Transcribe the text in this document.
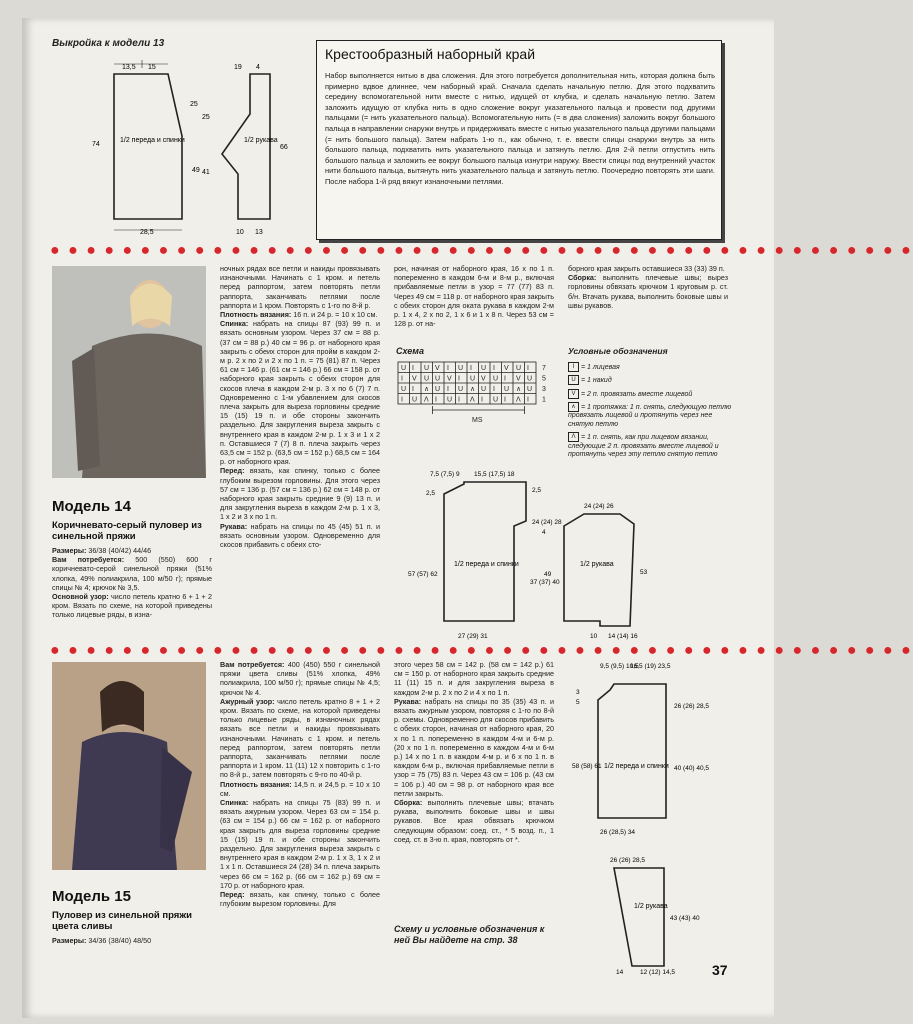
Выкройка к модели 13
13,5 15
25
49
74
28,5
1/2 переда и спинки
19 4
25
41
66
10 13
1/2 рукава
Крестообразный наборный край
Набор выполняется нитью в два сложения. Для этого потребуется дополнительная нить, которая должна быть примерно вдвое длиннее, чем наборный край. Сначала сделать начальную петлю. Для этого подхватить середину вспомогательной нити вместе с нитью, идущей от клубка, и сделать начальную петлю. Затем заложить идущую от клубка нить в одно сложение вокруг указательного пальца и провести под другими пальцами (= нить указательного пальца). Вспомогательную нить (= в два сложения) заложить вокруг большого пальца в направлении снаружи внутрь и придерживать вместе с нитью указательного пальца другими пальцами (= нить большого пальца). Затем набрать 1-ю п., как обычно, т. е. ввести спицы снаружи внутрь за нить большого пальца, подхватить нить указательного пальца и затянуть петлю. Для 2-й петли отпустить нить большого пальца и заложить ее вокруг большого пальца изнутри наружу. Ввести спицы под внутренний участок нити большого пальца, вытянуть нить указательного пальца и затянуть петлю. Поочередно повторять эти шаги. После набора 1-й ряд вяжут изнаночными петлями.
● ● ● ● ● ● ● ● ● ● ● ● ● ● ● ● ● ● ● ● ● ● ● ● ● ● ● ● ● ● ● ● ● ● ● ● ● ● ● ● ● ● ● ● ● ● ● ●
Модель 14
Коричневато-серый пуловер из синельной пряжи
Размеры: 36/38 (40/42) 44/46
Вам потребуется: 500 (550) 600 г коричневато-серой синельной пряжи (51% хлопка, 49% полиакрила, 100 м/50 г); прямые спицы № 4; крючок № 3,5.
Основной узор: число петель кратно 6 + 1 + 2 кром. Вязать по схеме, на которой приведены только лицевые ряды, в изна-
ночных рядах все петли и накиды провязывать изнаночными. Начинать с 1 кром. и петель перед раппортом, затем повторять петли раппорта, заканчивать петлями после раппорта и 1 кром. Повторять с 1-го по 8-й р.
Плотность вязания: 16 п. и 24 р. = 10 x 10 см.
Спинка: набрать на спицы 87 (93) 99 п. и вязать основным узором. Через 37 см = 88 р. (37 см = 88 р.) 40 см = 96 р. от наборного края закрыть с обеих сторон для пройм в каждом 2-м р. 2 x по 2 и 2 x по 1 п. = 75 (81) 87 п. Через 61 см = 146 р. (61 см = 146 р.) 66 см = 158 р. от наборного края закрыть с обеих сторон для скосов плеча в каждом 2-м р. 3 x по 6 (7) 7 п. Одновременно с 1-м убавлением для скосов плеча закрыть для выреза горловины средние 15 (15) 19 п. и обе стороны закончить раздельно. Для закругления выреза закрыть с внутреннего края в каждом 2-м р. 1 x 3 и 1 x 2 п. Оставшиеся 7 (7) 8 п. плеча закрыть через 63,5 см = 152 р. (63,5 см = 152 р.) 68,5 см = 164 р. от наборного края.
Перед: вязать, как спинку, только с более глубоким вырезом горловины. Для этого через 57 см = 136 р. (57 см = 136 р.) 62 см = 148 р. от наборного края закрыть средние 9 (9) 13 п. и для закругления выреза в каждом 2-м р. 1 x 3, 1 x 2 и 3 x по 1 п.
Рукава: набрать на спицы по 45 (45) 51 п. и вязать основным узором. Одновременно для скосов прибавить с обеих сто-
рон, начиная от наборного края, 16 x по 1 п. попеременно в каждом 6-м и 8-м р., включая прибавляемые петли в узор = 77 (77) 83 п. Через 49 см = 118 р. от наборного края закрыть с обеих сторон для оката рукава в каждом 2-м р. 1 x 4, 2 x по 2, 1 x 6 и 1 x 8 п. Через 53 см = 128 р. от на-
борного края закрыть оставшиеся 33 (33) 39 п.
Сборка: выполнить плечевые швы; вырез горловины обвязать крючком 1 круговым р. ст. б/н. Втачать рукава, выполнить боковые швы и швы рукавов.
Схема
U I U V I U I U I V U I
I V U U V I U V U I V U
U I ∧ U I U ∧ U I U ∧ U
I U Λ I U I Λ I U I Λ I
7
5
3
1
MS
Условные обозначения
I = 1 лицевая
U = 1 накид
V = 2 п. провязать вместе лицевой
∧ = 1 протяжка: 1 п. снять, следующую петлю провязать лицевой и протянуть через нее снятую петлю
Λ = 1 п. снять, как при лицевом вязании, следующие 2 п. провязать вместе лицевой и протянуть через эту петлю снятую петлю
7,5 (7,5) 9 15,5 (17,5) 18
2,5	2,5
57 (57) 62
24 (24) 28
4
37 (37) 40
27 (29) 31
1/2 переда и спинки
24 (24) 26
49	53
10 14 (14) 16
1/2 рукава
● ● ● ● ● ● ● ● ● ● ● ● ● ● ● ● ● ● ● ● ● ● ● ● ● ● ● ● ● ● ● ● ● ● ● ● ● ● ● ● ● ● ● ● ● ● ● ●
Модель 15
Пуловер из синельной пряжи цвета сливы
Размеры: 34/36 (38/40) 48/50
Вам потребуется: 400 (450) 550 г синельной пряжи цвета сливы (51% хлопка, 49% полиакрила, 100 м/50 г); прямые спицы № 4,5; крючок № 4.
Ажурный узор: число петель кратно 8 + 1 + 2 кром. Вязать по схеме, на которой приведены только лицевые ряды, в изнаночных рядах вязать все петли и накиды провязывать изнаночными. Начинать с 1 кром. и петель перед раппортом, затем повторять петли раппорта, заканчивать петлями после раппорта и 1 кром. 11 (11) 12 x повторить с 1-го по 8-й р., затем повторять с 9-го по 40-й р.
Плотность вязания: 14,5 п. и 24,5 р. = 10 x 10 см.
Спинка: набрать на спицы 75 (83) 99 п. и вязать ажурным узором. Через 63 см = 154 р. (63 см = 154 р.) 66 см = 162 р. от наборного края закрыть для выреза горловины средние 15 (15) 19 п. и обе стороны закончить раздельно. Для закругления выреза закрыть с внутреннего края в каждом 2-м р. 1 x 3, 1 x 2 и 1 x 1 п. Оставшиеся 24 (28) 34 п. плеча закрыть через 66 см = 162 р. (66 см = 162 р.) 69 см = 170 р. от наборного края.
Перед: вязать, как спинку, только с более глубоким вырезом горловины. Для
этого через 58 см = 142 р. (58 см = 142 р.) 61 см = 150 р. от наборного края закрыть средние 11 (11) 15 п. и для закругления выреза в каждом 2-м р. 2 x по 2 и 4 x по 1 п.
Рукава: набрать на спицы по 35 (35) 43 п. и вязать ажурным узором, повторяя с 1-го по 8-й р. схемы. Одновременно для скосов прибавить с обеих сторон, начиная от наборного края, 20 x по 1 п. попеременно в каждом 4-м и 6-м р. (20 x по 1 п. попеременно в каждом 4-м и 6-м р.) 14 x по 1 п. в каждом 4-м р. и 6 x по 1 п. в каждом 6-м р., включая прибавляемые петли в узор = 75 (75) 83 п. Через 43 см = 106 р. (43 см = 106 р.) 40 см = 98 р. от наборного края все петли закрыть.
Сборка: выполнить плечевые швы; втачать рукава, выполнить боковые швы и швы рукавов. Все края обвязать крючком следующим образом: соед. ст., * 5 возд. п., 1 соед. ст. в 3-ю п. края, повторять от *.
Схему и условные обозначения к ней Вы найдете на стр. 38
9,5 (9,5) 10,5
16,5 (19) 23,5
3
5
58 (58) 61
26 (26) 28,5
40 (40) 40,5
26 (28,5) 34
1/2 переда и спинки
26 (26) 28,5
43 (43) 40
14	12 (12) 14,5
1/2 рукава
37
